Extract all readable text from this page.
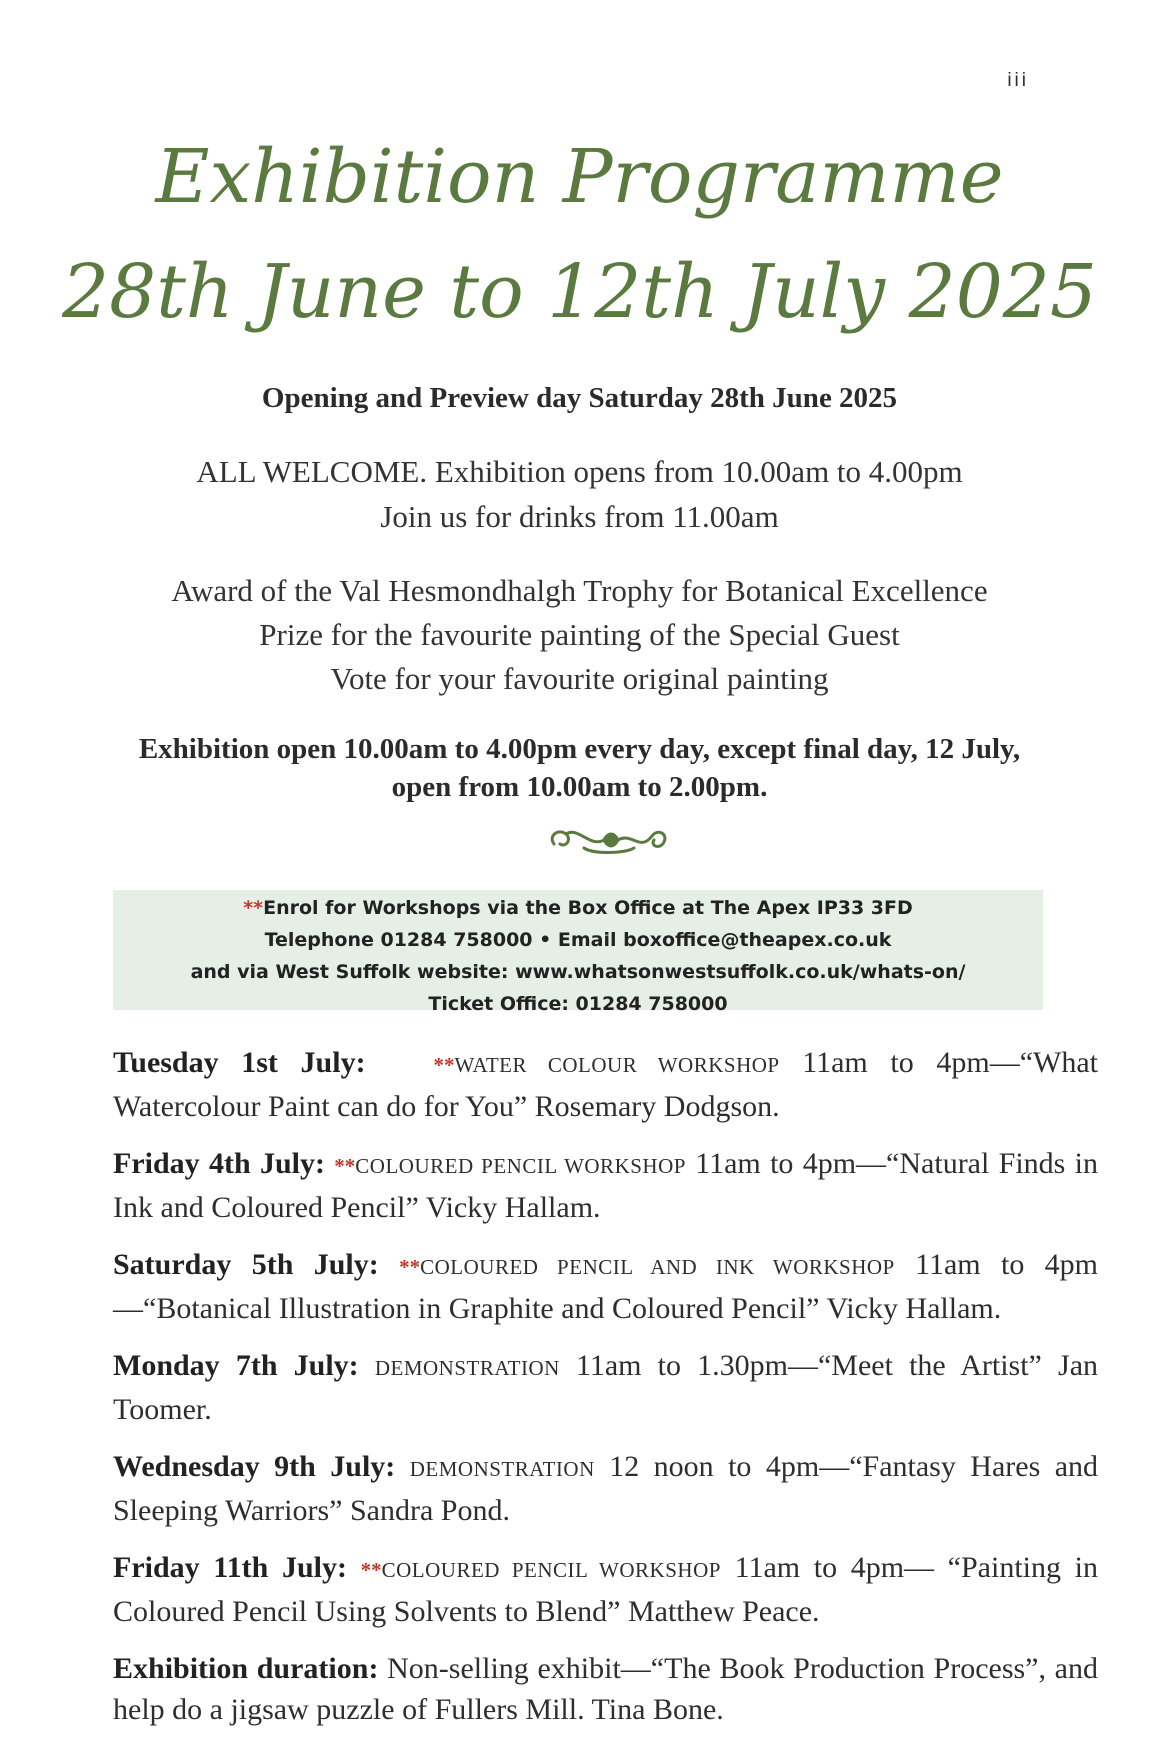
iii
Exhibition Programme
28th June to 12th July 2025
Opening and Preview day Saturday 28th June 2025
ALL WELCOME. Exhibition opens from 10.00am to 4.00pm
Join us for drinks from 11.00am
Award of the Val Hesmondhalgh Trophy for Botanical Excellence
Prize for the favourite painting of the Special Guest
Vote for your favourite original painting
Exhibition open 10.00am to 4.00pm every day, except final day, 12 July,
open from 10.00am to 2.00pm.
**Enrol for Workshops via the Box Office at The Apex IP33 3FD
Telephone 01284 758000 • Email boxoffice@theapex.co.uk
and via West Suffolk website: www.whatsonwestsuffolk.co.uk/whats-on/
Ticket Office: 01284 758000
Tuesday 1st July:	**WATER COLOUR WORKSHOP 11am to 4pm—“What Watercolour Paint can do for You” Rosemary Dodgson.
Friday 4th July: **COLOURED PENCIL WORKSHOP 11am to 4pm—“Natural Finds in Ink and Coloured Pencil” Vicky Hallam.
Saturday 5th July: **COLOURED PENCIL AND INK WORKSHOP 11am to 4pm—“Botanical Illustration in Graphite and Coloured Pencil” Vicky Hallam.
Monday 7th July: DEMONSTRATION 11am to 1.30pm—“Meet the Artist” Jan Toomer.
Wednesday 9th July: DEMONSTRATION 12 noon to 4pm—“Fantasy Hares and Sleeping Warriors” Sandra Pond.
Friday 11th July: **COLOURED PENCIL WORKSHOP 11am to 4pm— “Painting in Coloured Pencil Using Solvents to Blend” Matthew Peace.
Exhibition duration: Non-selling exhibit—“The Book Production Process”, and help do a jigsaw puzzle of Fullers Mill. Tina Bone.
